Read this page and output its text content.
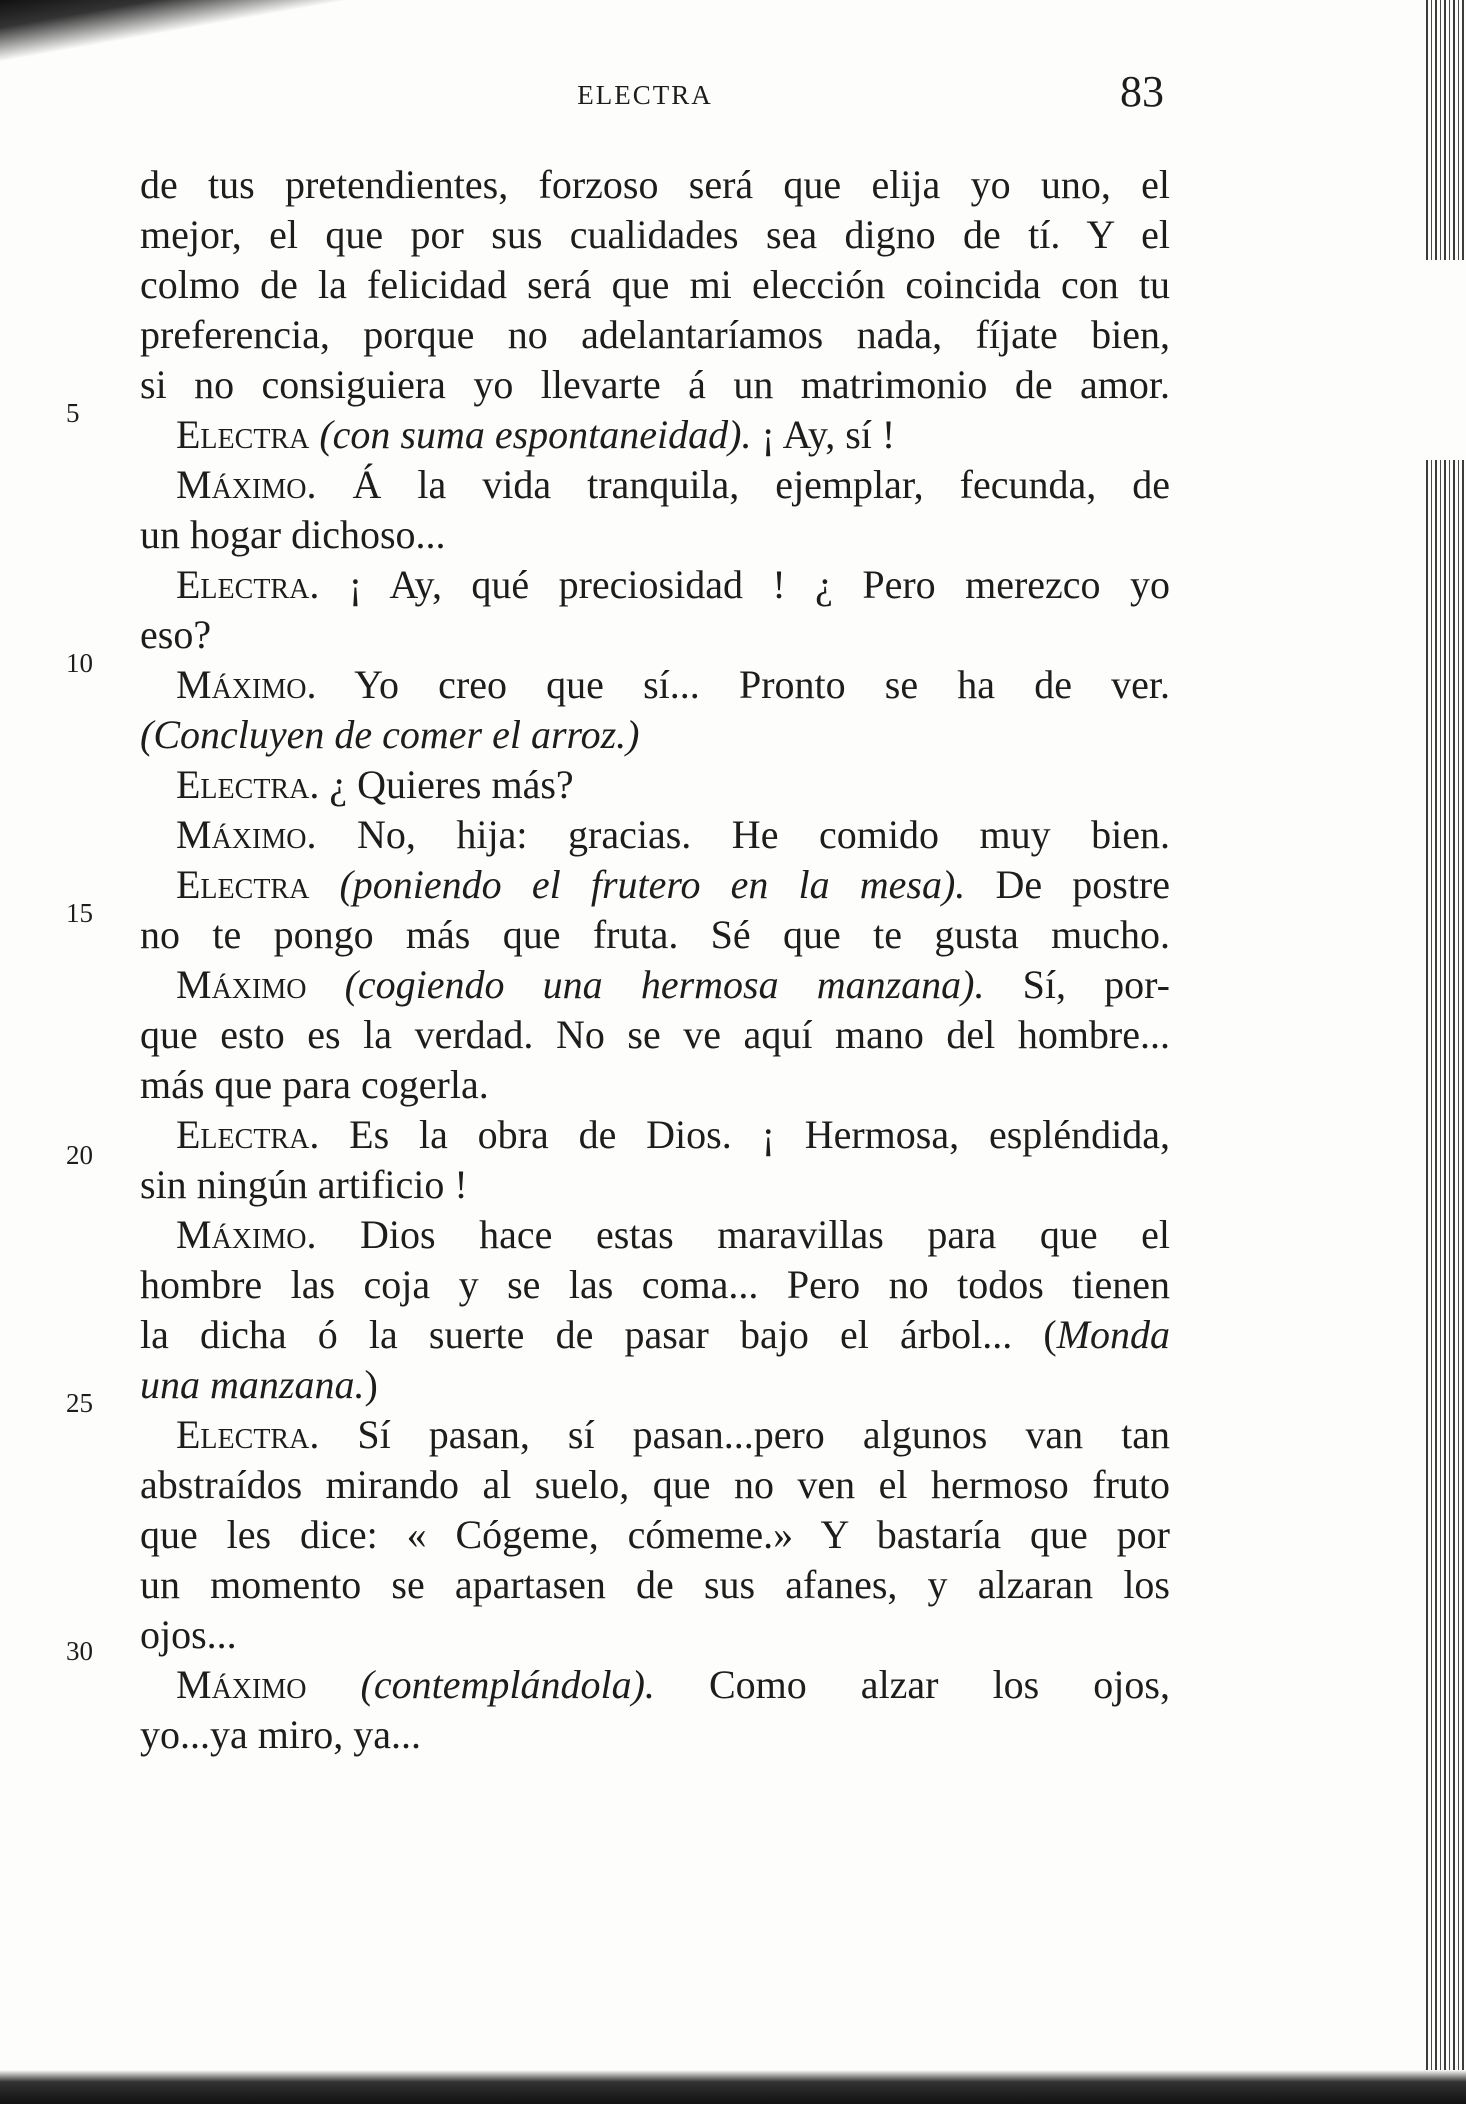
ELECTRA	83
5
10
15
20
25
30
de tus pretendientes, forzoso será que elija yo uno, el
mejor, el que por sus cualidades sea digno de tí. Y el
colmo de la felicidad será que mi elección coincida con tu
preferencia, porque no adelantaríamos nada, fíjate bien,
si no consiguiera yo llevarte á un matrimonio de amor.
Electra (con suma espontaneidad). ¡ Ay, sí !
Máximo. Á la vida tranquila, ejemplar, fecunda, de
un hogar dichoso...
Electra. ¡ Ay, qué preciosidad ! ¿ Pero merezco yo
eso?
Máximo. Yo creo que sí... Pronto se ha de ver.
(Concluyen de comer el arroz.)
Electra. ¿ Quieres más?
Máximo. No, hija: gracias. He comido muy bien.
Electra (poniendo el frutero en la mesa). De postre
no te pongo más que fruta. Sé que te gusta mucho.
Máximo (cogiendo una hermosa manzana). Sí, por-
que esto es la verdad. No se ve aquí mano del hombre...
más que para cogerla.
Electra. Es la obra de Dios. ¡ Hermosa, espléndida,
sin ningún artificio !
Máximo. Dios hace estas maravillas para que el
hombre las coja y se las coma... Pero no todos tienen
la dicha ó la suerte de pasar bajo el árbol... (Monda
una manzana.)
Electra. Sí pasan, sí pasan...pero algunos van tan
abstraídos mirando al suelo, que no ven el hermoso fruto
que les dice: « Cógeme, cómeme.» Y bastaría que por
un momento se apartasen de sus afanes, y alzaran los
ojos...
Máximo (contemplándola). Como alzar los ojos,
yo...ya miro, ya...
